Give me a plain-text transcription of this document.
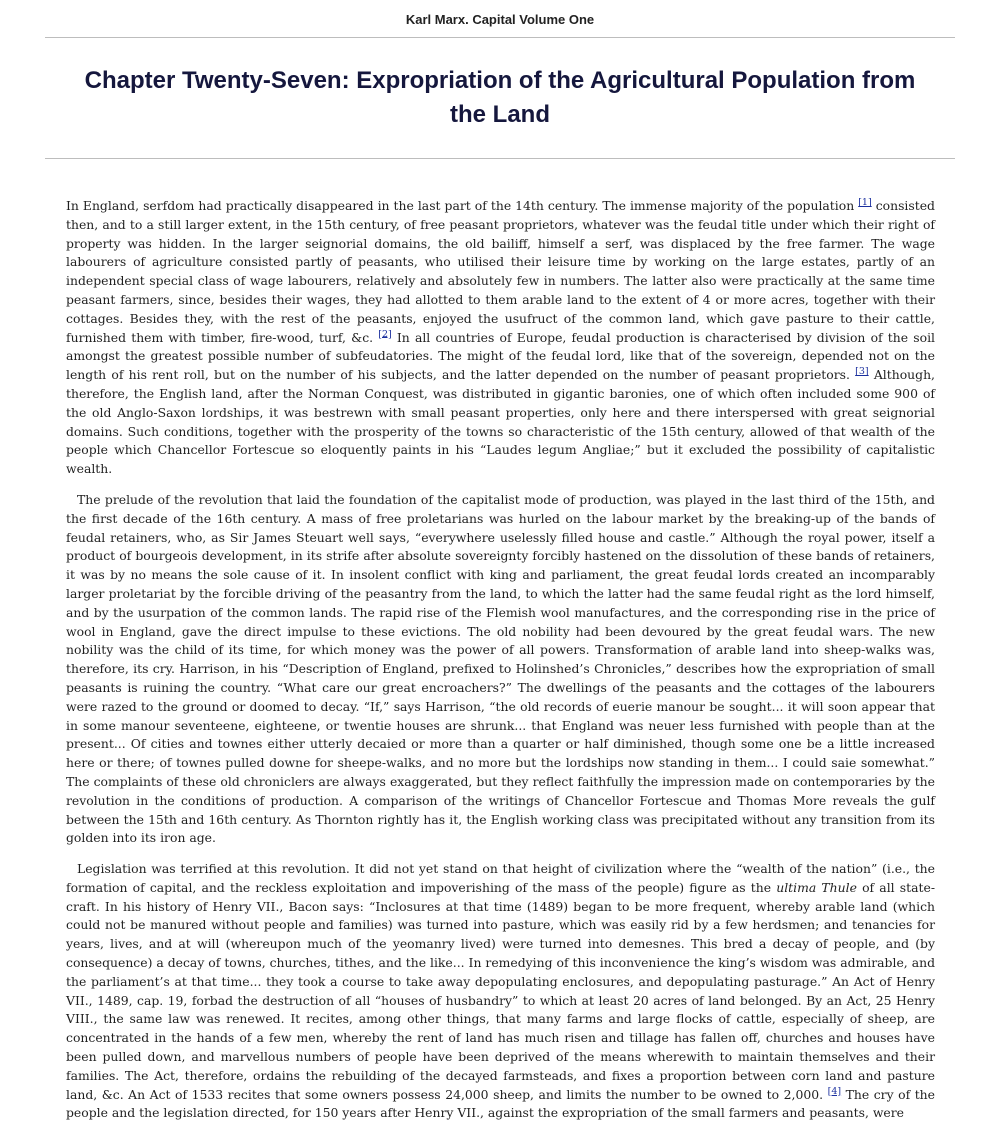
Karl Marx. Capital Volume One
Chapter Twenty-Seven: Expropriation of the Agricultural Population from the Land

In England, serfdom had practically disappeared in the last part of the 14th century. The immense majority of the population [1] consisted then, and to a still larger extent, in the 15th century, of free peasant proprietors, whatever was the feudal title under which their right of property was hidden. In the larger seignorial domains, the old bailiff, himself a serf, was displaced by the free farmer. The wage labourers of agriculture consisted partly of peasants, who utilised their leisure time by working on the large estates, partly of an independent special class of wage labourers, relatively and absolutely few in numbers. The latter also were practically at the same time peasant farmers, since, besides their wages, they had allotted to them arable land to the extent of 4 or more acres, together with their cottages. Besides they, with the rest of the peasants, enjoyed the usufruct of the common land, which gave pasture to their cattle, furnished them with timber, fire-wood, turf, &c. [2] In all countries of Europe, feudal production is characterised by division of the soil amongst the greatest possible number of subfeudatories. The might of the feudal lord, like that of the sovereign, depended not on the length of his rent roll, but on the number of his subjects, and the latter depended on the number of peasant proprietors. [3] Although, therefore, the English land, after the Norman Conquest, was distributed in gigantic baronies, one of which often included some 900 of the old Anglo-Saxon lordships, it was bestrewn with small peasant properties, only here and there interspersed with great seignorial domains. Such conditions, together with the prosperity of the towns so characteristic of the 15th century, allowed of that wealth of the people which Chancellor Fortescue so eloquently paints in his “Laudes legum Angliae;” but it excluded the possibility of capitalistic wealth.

The prelude of the revolution that laid the foundation of the capitalist mode of production, was played in the last third of the 15th, and the first decade of the 16th century. A mass of free proletarians was hurled on the labour market by the breaking-up of the bands of feudal retainers, who, as Sir James Steuart well says, “everywhere uselessly filled house and castle.” Although the royal power, itself a product of bourgeois development, in its strife after absolute sovereignty forcibly hastened on the dissolution of these bands of retainers, it was by no means the sole cause of it. In insolent conflict with king and parliament, the great feudal lords created an incomparably larger proletariat by the forcible driving of the peasantry from the land, to which the latter had the same feudal right as the lord himself, and by the usurpation of the common lands. The rapid rise of the Flemish wool manufactures, and the corresponding rise in the price of wool in England, gave the direct impulse to these evictions. The old nobility had been devoured by the great feudal wars. The new nobility was the child of its time, for which money was the power of all powers. Transformation of arable land into sheep-walks was, therefore, its cry. Harrison, in his “Description of England, prefixed to Holinshed’s Chronicles,” describes how the expropriation of small peasants is ruining the country. “What care our great encroachers?” The dwellings of the peasants and the cottages of the labourers were razed to the ground or doomed to decay. “If,” says Harrison, “the old records of euerie manour be sought... it will soon appear that in some manour seventeene, eighteene, or twentie houses are shrunk... that England was neuer less furnished with people than at the present... Of cities and townes either utterly decaied or more than a quarter or half diminished, though some one be a little increased here or there; of townes pulled downe for sheepe-walks, and no more but the lordships now standing in them... I could saie somewhat.” The complaints of these old chroniclers are always exaggerated, but they reflect faithfully the impression made on contemporaries by the revolution in the conditions of production. A comparison of the writings of Chancellor Fortescue and Thomas More reveals the gulf between the 15th and 16th century. As Thornton rightly has it, the English working class was precipitated without any transition from its golden into its iron age.

Legislation was terrified at this revolution. It did not yet stand on that height of civilization where the “wealth of the nation” (i.e., the formation of capital, and the reckless exploitation and impoverishing of the mass of the people) figure as the ultima Thule of all state-craft. In his history of Henry VII., Bacon says: “Inclosures at that time (1489) began to be more frequent, whereby arable land (which could not be manured without people and families) was turned into pasture, which was easily rid by a few herdsmen; and tenancies for years, lives, and at will (whereupon much of the yeomanry lived) were turned into demesnes. This bred a decay of people, and (by consequence) a decay of towns, churches, tithes, and the like... In remedying of this inconvenience the king’s wisdom was admirable, and the parliament’s at that time... they took a course to take away depopulating enclosures, and depopulating pasturage.” An Act of Henry VII., 1489, cap. 19, forbad the destruction of all “houses of husbandry” to which at least 20 acres of land belonged. By an Act, 25 Henry VIII., the same law was renewed. It recites, among other things, that many farms and large flocks of cattle, especially of sheep, are concentrated in the hands of a few men, whereby the rent of land has much risen and tillage has fallen off, churches and houses have been pulled down, and marvellous numbers of people have been deprived of the means wherewith to maintain themselves and their families. The Act, therefore, ordains the rebuilding of the decayed farmsteads, and fixes a proportion between corn land and pasture land, &c. An Act of 1533 recites that some owners possess 24,000 sheep, and limits the number to be owned to 2,000. [4] The cry of the people and the legislation directed, for 150 years after Henry VII., against the expropriation of the small farmers and peasants, were
